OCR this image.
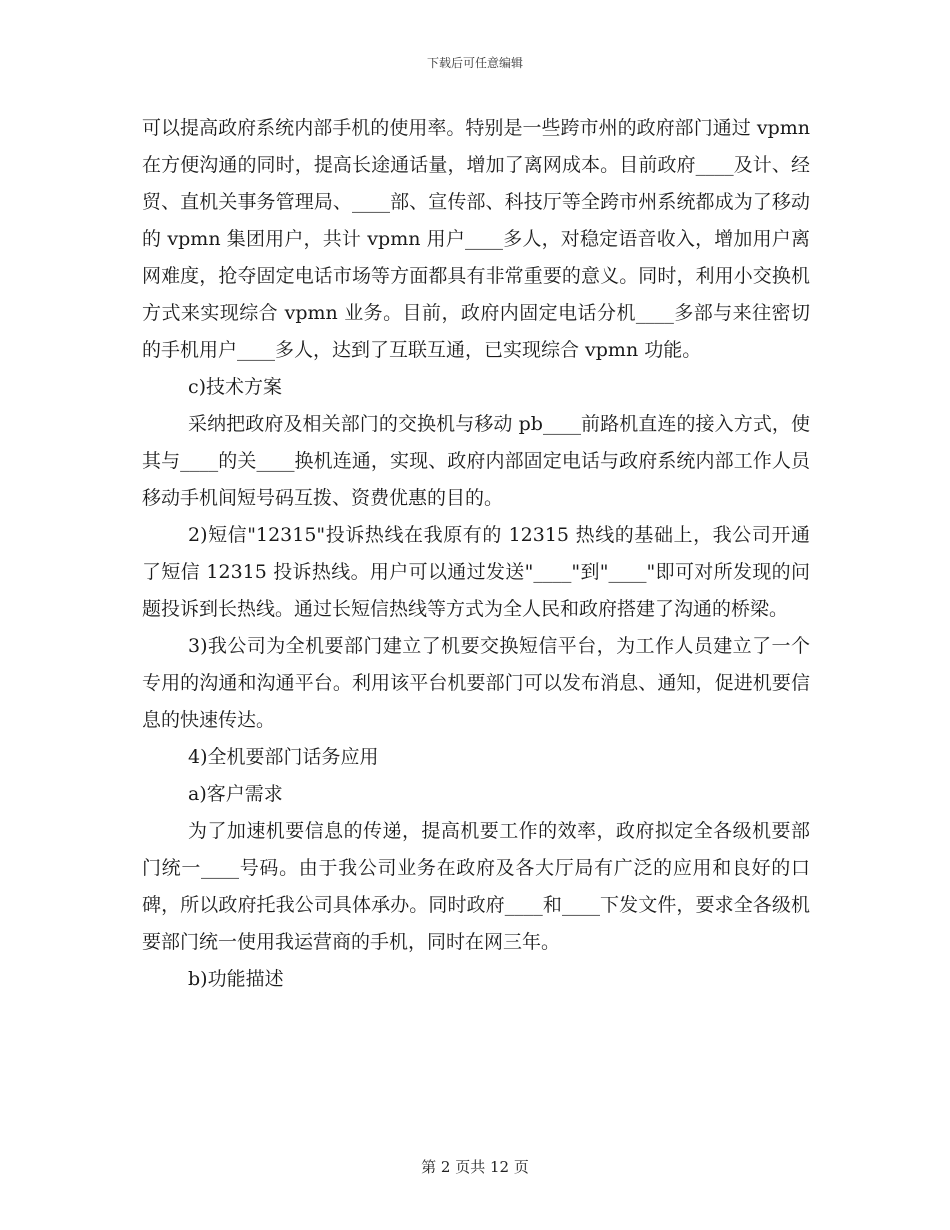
下载后可任意编辑

可以提高政府系统内部手机的使用率。特别是一些跨市州的政府部门通过 vpmn 在方便沟通的同时，提高长途通话量，增加了离网成本。目前政府____及计、经贸、直机关事务管理局、____部、宣传部、科技厅等全跨市州系统都成为了移动的 vpmn 集团用户，共计 vpmn 用户____多人，对稳定语音收入，增加用户离网难度，抢夺固定电话市场等方面都具有非常重要的意义。同时，利用小交换机方式来实现综合 vpmn 业务。目前，政府内固定电话分机____多部与来往密切的手机用户____多人，达到了互联互通，已实现综合 vpmn 功能。

c)技术方案

采纳把政府及相关部门的交换机与移动 pb____前路机直连的接入方式，使其与____的关____换机连通，实现、政府内部固定电话与政府系统内部工作人员移动手机间短号码互拨、资费优惠的目的。

2)短信"12315"投诉热线在我原有的 12315 热线的基础上，我公司开通了短信 12315 投诉热线。用户可以通过发送"____"到"____"即可对所发现的问题投诉到长热线。通过长短信热线等方式为全人民和政府搭建了沟通的桥梁。

3)我公司为全机要部门建立了机要交换短信平台，为工作人员建立了一个专用的沟通和沟通平台。利用该平台机要部门可以发布消息、通知，促进机要信息的快速传达。

4)全机要部门话务应用

a)客户需求

为了加速机要信息的传递，提高机要工作的效率，政府拟定全各级机要部门统一____号码。由于我公司业务在政府及各大厅局有广泛的应用和良好的口碑，所以政府托我公司具体承办。同时政府____和____下发文件，要求全各级机要部门统一使用我运营商的手机，同时在网三年。

b)功能描述

第 2 页共 12 页
